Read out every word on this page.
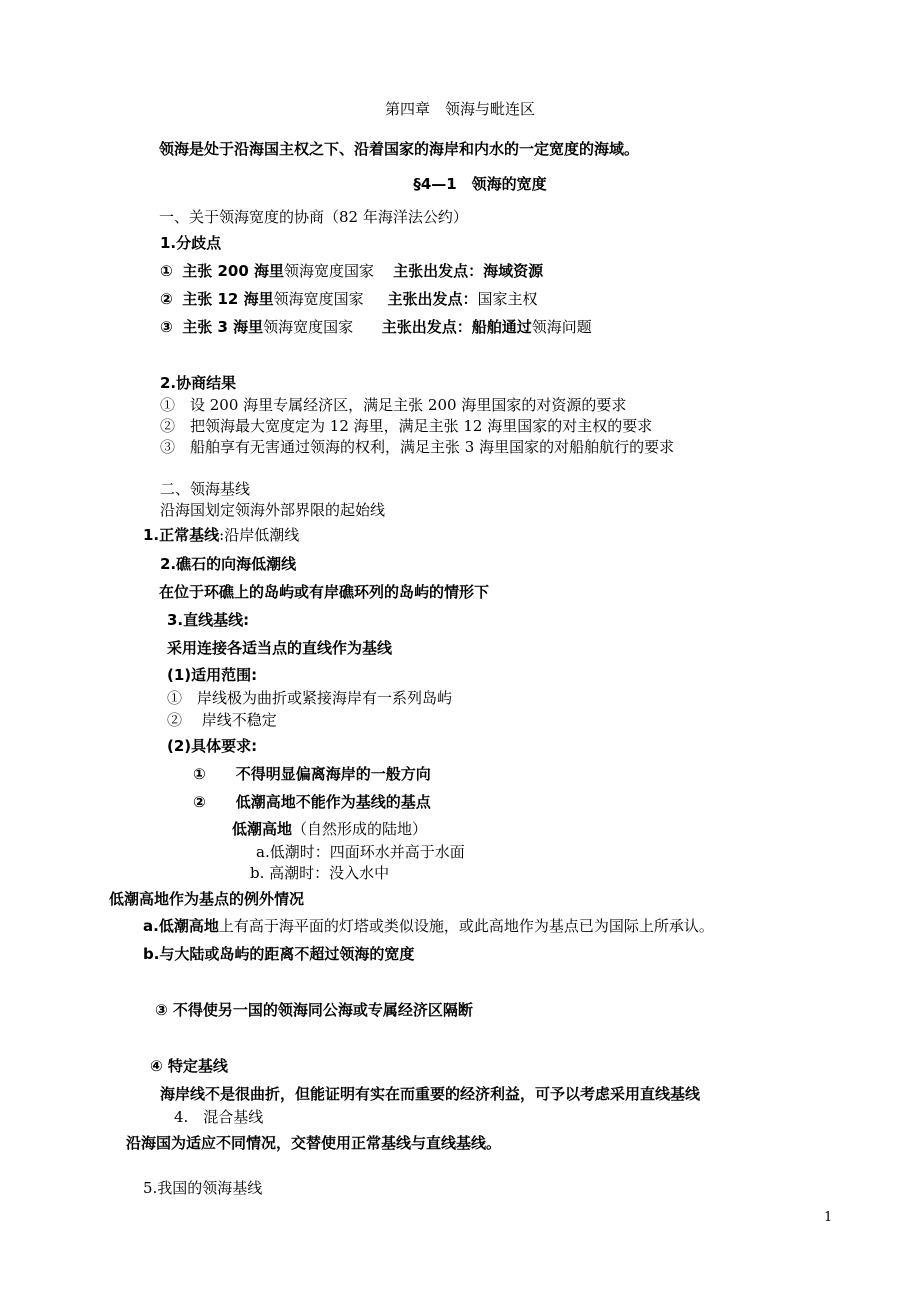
第四章　领海与毗连区
领海是处于沿海国主权之下、沿着国家的海岸和内水的一定宽度的海域。
§4—1　领海的宽度
一、关于领海宽度的协商（82 年海洋法公约）
1.分歧点
① 主张 200 海里领海宽度国家 主张出发点：海域资源
② 主张 12 海里领海宽度国家 主张出发点：国家主权
③ 主张 3 海里领海宽度国家 主张出发点：船舶通过领海问题
2.协商结果
①　设 200 海里专属经济区，满足主张 200 海里国家的对资源的要求
②　把领海最大宽度定为 12 海里，满足主张 12 海里国家的对主权的要求
③　船舶享有无害通过领海的权利，满足主张 3 海里国家的对船舶航行的要求
二、领海基线
沿海国划定领海外部界限的起始线
1.正常基线:沿岸低潮线
2.礁石的向海低潮线
在位于环礁上的岛屿或有岸礁环列的岛屿的情形下
3.直线基线:
采用连接各适当点的直线作为基线
(1)适用范围:
①　岸线极为曲折或紧接海岸有一系列岛屿
②　 岸线不稳定
(2)具体要求:
①　　不得明显偏离海岸的一般方向
②　　低潮高地不能作为基线的基点
低潮高地（自然形成的陆地）
a.低潮时：四面环水并高于水面
b. 高潮时：没入水中
低潮高地作为基点的例外情况
a.低潮高地上有高于海平面的灯塔或类似设施，或此高地作为基点已为国际上所承认。
b.与大陆或岛屿的距离不超过领海的宽度
③ 不得使另一国的领海同公海或专属经济区隔断
④ 特定基线
海岸线不是很曲折，但能证明有实在而重要的经济利益，可予以考虑采用直线基线
4.　混合基线
沿海国为适应不同情况，交替使用正常基线与直线基线。
5.我国的领海基线
1
